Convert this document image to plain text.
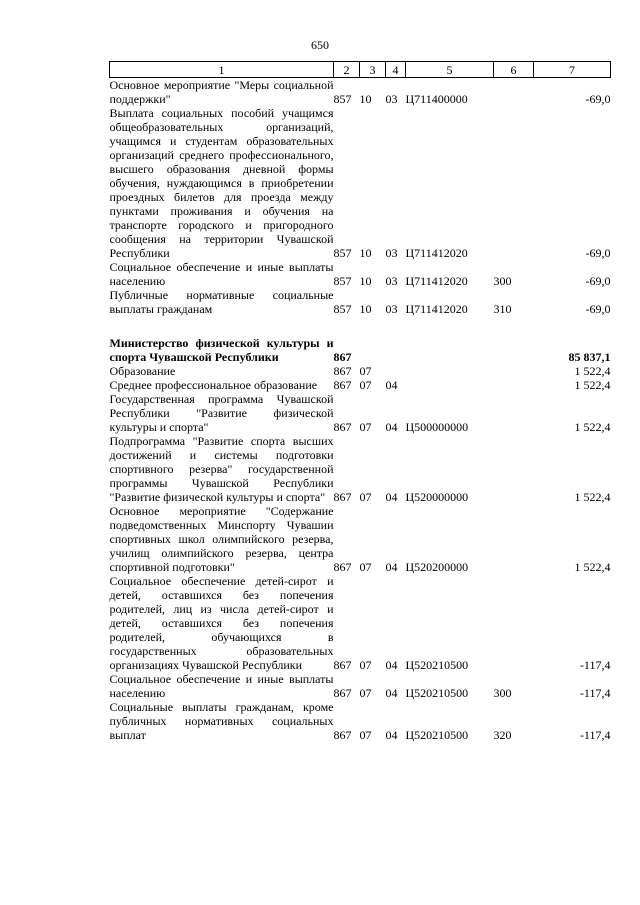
650
1	2	3	4	5	6	7
Основное мероприятие "Меры социальной поддержки"	857	10	03	Ц711400000		-69,0
Выплата социальных пособий учащимся общеобразовательных организаций, учащимся и студентам образовательных организаций среднего профессионального, высшего образования дневной формы обучения, нуждающимся в приобретении проездных билетов для проезда между пунктами проживания и обучения на транспорте городского и пригородного сообщения на территории Чувашской Республики	857	10	03	Ц711412020		-69,0
Социальное обеспечение и иные выплаты населению	857	10	03	Ц711412020	300	-69,0
Публичные нормативные социальные выплаты гражданам	857	10	03	Ц711412020	310	-69,0

Министерство физической культуры и спорта Чувашской Республики	867					85 837,1
Образование	867	07				1 522,4
Среднее профессиональное образование	867	07	04			1 522,4
Государственная программа Чувашской Республики "Развитие физической культуры и спорта"	867	07	04	Ц500000000		1 522,4
Подпрограмма "Развитие спорта высших достижений и системы подготовки спортивного резерва" государственной программы Чувашской Республики "Развитие физической культуры и спорта"	867	07	04	Ц520000000		1 522,4
Основное мероприятие "Содержание подведомственных Минспорту Чувашии спортивных школ олимпийского резерва, училищ олимпийского резерва, центра спортивной подготовки"	867	07	04	Ц520200000		1 522,4
Социальное обеспечение детей-сирот и детей, оставшихся без попечения родителей, лиц из числа детей-сирот и детей, оставшихся без попечения родителей, обучающихся в государственных образовательных организациях Чувашской Республики	867	07	04	Ц520210500		-117,4
Социальное обеспечение и иные выплаты населению	867	07	04	Ц520210500	300	-117,4
Социальные выплаты гражданам, кроме публичных нормативных социальных выплат	867	07	04	Ц520210500	320	-117,4
